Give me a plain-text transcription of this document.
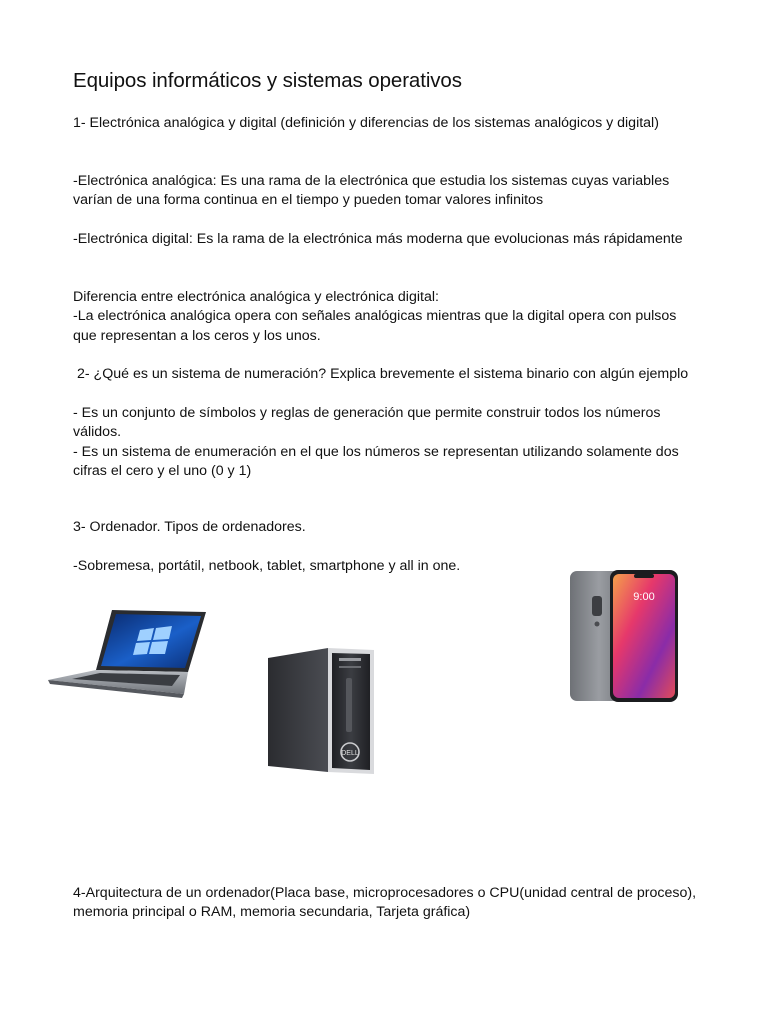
Equipos informáticos y sistemas operativos
1- Electrónica analógica y digital (definición y diferencias de los sistemas analógicos y digital)
-Electrónica analógica: Es una rama de la electrónica que estudia los sistemas cuyas variables varían de una forma continua en el tiempo y pueden tomar valores infinitos
-Electrónica digital: Es la rama de la electrónica más moderna que evolucionas más rápidamente
Diferencia entre electrónica analógica y electrónica digital:
-La electrónica analógica opera con señales analógicas mientras que la digital opera con pulsos que representan a los ceros y los unos.
2- ¿Qué es un sistema de numeración? Explica brevemente el sistema binario con algún ejemplo
- Es un conjunto de símbolos y reglas de generación que permite construir todos los números válidos.
- Es un sistema de enumeración en el que los números se representan utilizando solamente dos cifras el cero y el uno (0 y 1)
3- Ordenador. Tipos de ordenadores.
-Sobremesa, portátil, netbook, tablet, smartphone y all in one.
DELL
9:00
4-Arquitectura de un ordenador(Placa base, microprocesadores o CPU(unidad central de proceso), memoria principal o RAM, memoria secundaria, Tarjeta gráfica)
